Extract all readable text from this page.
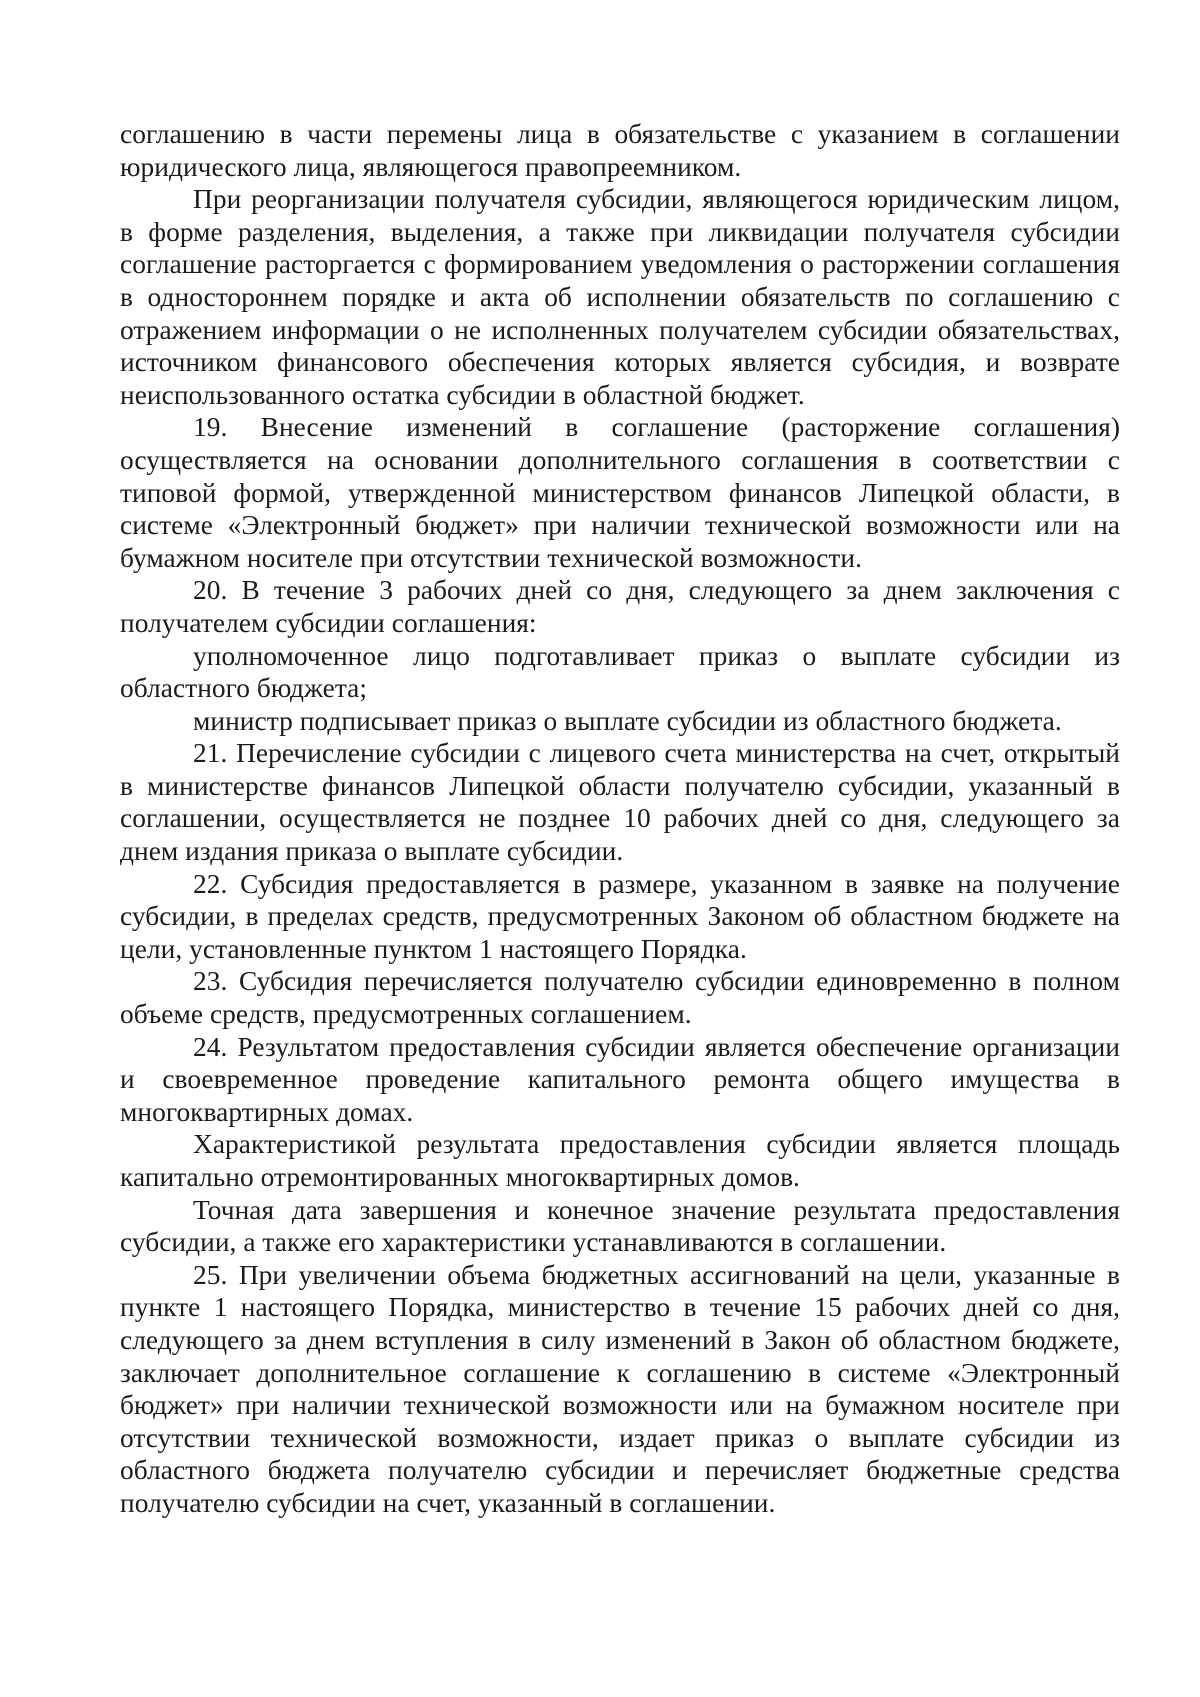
соглашению в части перемены лица в обязательстве с указанием в соглашении юридического лица, являющегося правопреемником.

При реорганизации получателя субсидии, являющегося юридическим лицом, в форме разделения, выделения, а также при ликвидации получателя субсидии соглашение расторгается с формированием уведомления о расторжении соглашения в одностороннем порядке и акта об исполнении обязательств по соглашению с отражением информации о не исполненных получателем субсидии обязательствах, источником финансового обеспечения которых является субсидия, и возврате неиспользованного остатка субсидии в областной бюджет.

19. Внесение изменений в соглашение (расторжение соглашения) осуществляется на основании дополнительного соглашения в соответствии с типовой формой, утвержденной министерством финансов Липецкой области, в системе «Электронный бюджет» при наличии технической возможности или на бумажном носителе при отсутствии технической возможности.

20. В течение 3 рабочих дней со дня, следующего за днем заключения с получателем субсидии соглашения:

уполномоченное лицо подготавливает приказ о выплате субсидии из областного бюджета;

министр подписывает приказ о выплате субсидии из областного бюджета.

21. Перечисление субсидии с лицевого счета министерства на счет, открытый в министерстве финансов Липецкой области получателю субсидии, указанный в соглашении, осуществляется не позднее 10 рабочих дней со дня, следующего за днем издания приказа о выплате субсидии.

22. Субсидия предоставляется в размере, указанном в заявке на получение субсидии, в пределах средств, предусмотренных Законом об областном бюджете на цели, установленные пунктом 1 настоящего Порядка.

23. Субсидия перечисляется получателю субсидии единовременно в полном объеме средств, предусмотренных соглашением.

24. Результатом предоставления субсидии является обеспечение организации и своевременное проведение капитального ремонта общего имущества в многоквартирных домах.

Характеристикой результата предоставления субсидии является площадь капитально отремонтированных многоквартирных домов.

Точная дата завершения и конечное значение результата предоставления субсидии, а также его характеристики устанавливаются в соглашении.

25. При увеличении объема бюджетных ассигнований на цели, указанные в пункте 1 настоящего Порядка, министерство в течение 15 рабочих дней со дня, следующего за днем вступления в силу изменений в Закон об областном бюджете, заключает дополнительное соглашение к соглашению в системе «Электронный бюджет» при наличии технической возможности или на бумажном носителе при отсутствии технической возможности, издает приказ о выплате субсидии из областного бюджета получателю субсидии и перечисляет бюджетные средства получателю субсидии на счет, указанный в соглашении.
